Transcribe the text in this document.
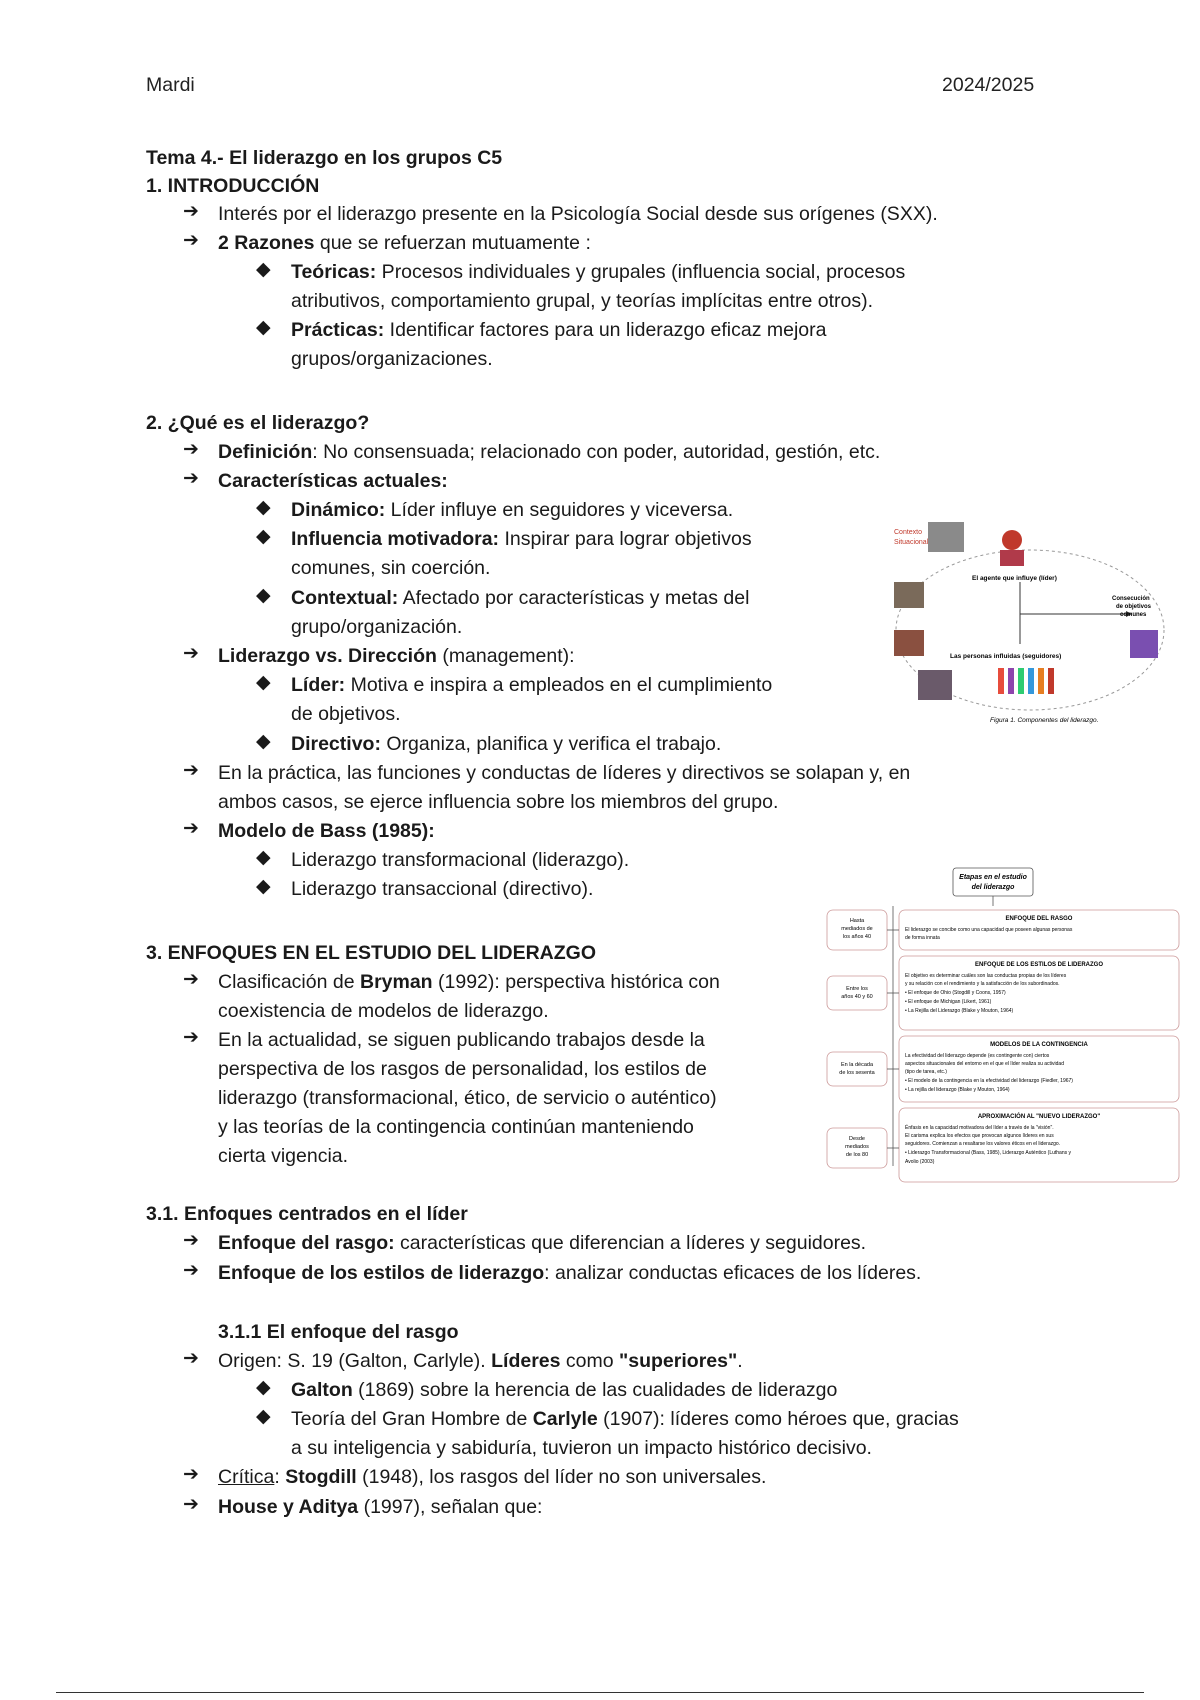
Mardi	2024/2025
Tema 4.- El liderazgo en los grupos C5
1. INTRODUCCIÓN
➔ Interés por el liderazgo presente en la Psicología Social desde sus orígenes (SXX).
➔ 2 Razones que se refuerzan mutuamente :
◆ Teóricas: Procesos individuales y grupales (influencia social, procesos
atributivos, comportamiento grupal, y teorías implícitas entre otros).
◆ Prácticas: Identificar factores para un liderazgo eficaz mejora
grupos/organizaciones.
2. ¿Qué es el liderazgo?
➔ Definición: No consensuada; relacionado con poder, autoridad, gestión, etc.
➔ Características actuales:
◆ Dinámico: Líder influye en seguidores y viceversa.
◆ Influencia motivadora: Inspirar para lograr objetivos
comunes, sin coerción.
◆ Contextual: Afectado por características y metas del
grupo/organización.
➔ Liderazgo vs. Dirección (management):
◆ Líder: Motiva e inspira a empleados en el cumplimiento
de objetivos.
◆ Directivo: Organiza, planifica y verifica el trabajo.
➔ En la práctica, las funciones y conductas de líderes y directivos se solapan y, en
ambos casos, se ejerce influencia sobre los miembros del grupo.
➔ Modelo de Bass (1985):
◆ Liderazgo transformacional (liderazgo).
◆ Liderazgo transaccional (directivo).
Contexto
Situacional
El agente que influye (líder)
Consecución
de objetivos
comunes
Las personas influidas (seguidores)
Figura 1. Componentes del liderazgo.
3. ENFOQUES EN EL ESTUDIO DEL LIDERAZGO
➔ Clasificación de Bryman (1992): perspectiva histórica con
coexistencia de modelos de liderazgo.
➔ En la actualidad, se siguen publicando trabajos desde la
perspectiva de los rasgos de personalidad, los estilos de
liderazgo (transformacional, ético, de servicio o auténtico)
y las teorías de la contingencia continúan manteniendo
cierta vigencia.
Etapas en el estudio
del liderazgo
Hasta
mediados de
los años 40
ENFOQUE DEL RASGO
El liderazgo se concibe como una capacidad que poseen algunas personas
de forma innata
Entre los
años 40 y 60
ENFOQUE DE LOS ESTILOS DE LIDERAZGO
El objetivo es determinar cuáles son las conductas propias de los líderes
y su relación con el rendimiento y la satisfacción de los subordinados.
• El enfoque de Ohio (Stogdill y Coons, 1957)
• El enfoque de Michigan (Likert, 1961)
• La Rejilla del Liderazgo (Blake y Mouton, 1964)
En la década
de los sesenta
MODELOS DE LA CONTINGENCIA
La efectividad del liderazgo depende (es contingente con) ciertos
aspectos situacionales del entorno en el que el líder realiza su actividad
(tipo de tarea, etc.)
• El modelo de la contingencia en la efectividad del liderazgo (Fiedler, 1967)
• La rejilla del liderazgo (Blake y Mouton, 1964)
Desde
mediados
de los 80
APROXIMACIÓN AL "NUEVO LIDERAZGO"
Énfasis en la capacidad motivadora del líder a través de la "visión".
El carisma explica los efectos que provocan algunos líderes en sus
seguidores. Comienzan a resaltarse los valores éticos en el liderazgo.
• Liderazgo Transformacional (Bass, 1985), Liderazgo Auténtico (Luthans y
Avolio (2003)
3.1. Enfoques centrados en el líder
➔ Enfoque del rasgo: características que diferencian a líderes y seguidores.
➔ Enfoque de los estilos de liderazgo: analizar conductas eficaces de los líderes.
3.1.1 El enfoque del rasgo
➔ Origen: S. 19 (Galton, Carlyle). Líderes como "superiores".
◆ Galton (1869) sobre la herencia de las cualidades de liderazgo
◆ Teoría del Gran Hombre de Carlyle (1907): líderes como héroes que, gracias
a su inteligencia y sabiduría, tuvieron un impacto histórico decisivo.
➔ Crítica: Stogdill (1948), los rasgos del líder no son universales.
➔ House y Aditya (1997), señalan que:
